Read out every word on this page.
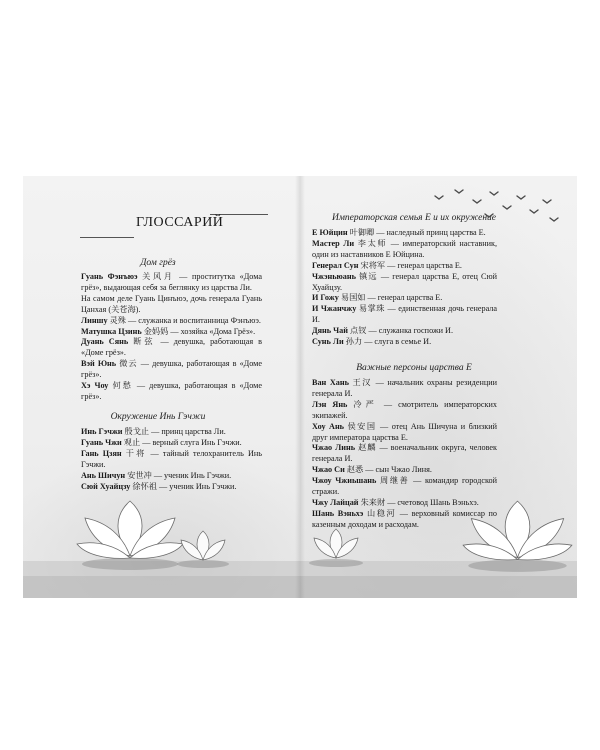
ГЛОССАРИЙ
Дом грёз

Гуань Фэнъюэ 关风月 — проститутка «Дома грёз», выдающая себя за беглянку из царства Ли.

На самом деле Гуань Цинъюэ, дочь генерала Гуань Цанхая (关苍海).

Линшу 灵殊 — служанка и воспитанница Фэнъюэ.

Матушка Цзинь 金妈妈 — хозяйка «Дома Грёз».

Дуань Сянь 断弦 — девушка, работающая в «Доме грёз».

Вэй Юнь 微云 — девушка, работающая в «Доме грёз».

Хэ Чоу 何愁 — девушка, работающая в «Доме грёз».

Окружение Инь Гэчжи

Инь Гэчжи 殷戈止 — принц царства Ли.

Гуань Чжи 观止 — верный слуга Инь Гэчжи.

Гань Цзян 干将 — тайный телохранитель Инь Гэчжи.

Ань Шичун 安世冲 — ученик Инь Гэчжи.

Сюй Хуайцзу 徐怀祖 — ученик Инь Гэчжи.

Императорская семья Е и их окружение

Е Юйцин 叶御卿 — наследный принц царства Е.

Мастер Ли 李太师 — императорский наставник, один из наставников Е Юйцина.

Генерал Сун 宋将军 — генерал царства Е.

Чжэньюань 镇远 — генерал царства Е, отец Сюй Хуайцзу.

И Гожу 易国如 — генерал царства Е.

И Чжанчжу 易掌珠 — единственная дочь генерала И.

Дянь Чай 点钗 — служанка госпожи И.

Сунь Ли 孙力 — слуга в семье И.

Важные персоны царства Е

Ван Хань 王汉 — начальник охраны резиденции генерала И.

Лэн Янь 冷严 — смотритель императорских экипажей.

Хоу Ань 侯安国 — отец Ань Шичуна и близкий друг императора царства Е.

Чжао Линь 赵麟 — военачальник округа, человек генерала И.

Чжао Си 赵悉 — сын Чжао Линя.

Чжоу Чжиьшань 周继善 — командир городской стражи.

Чжу Лайцай 朱来财 — счетовод Шань Вэньхэ.

Шань Вэньхэ 山稳河 — верховный комиссар по казенным доходам и расходам.
